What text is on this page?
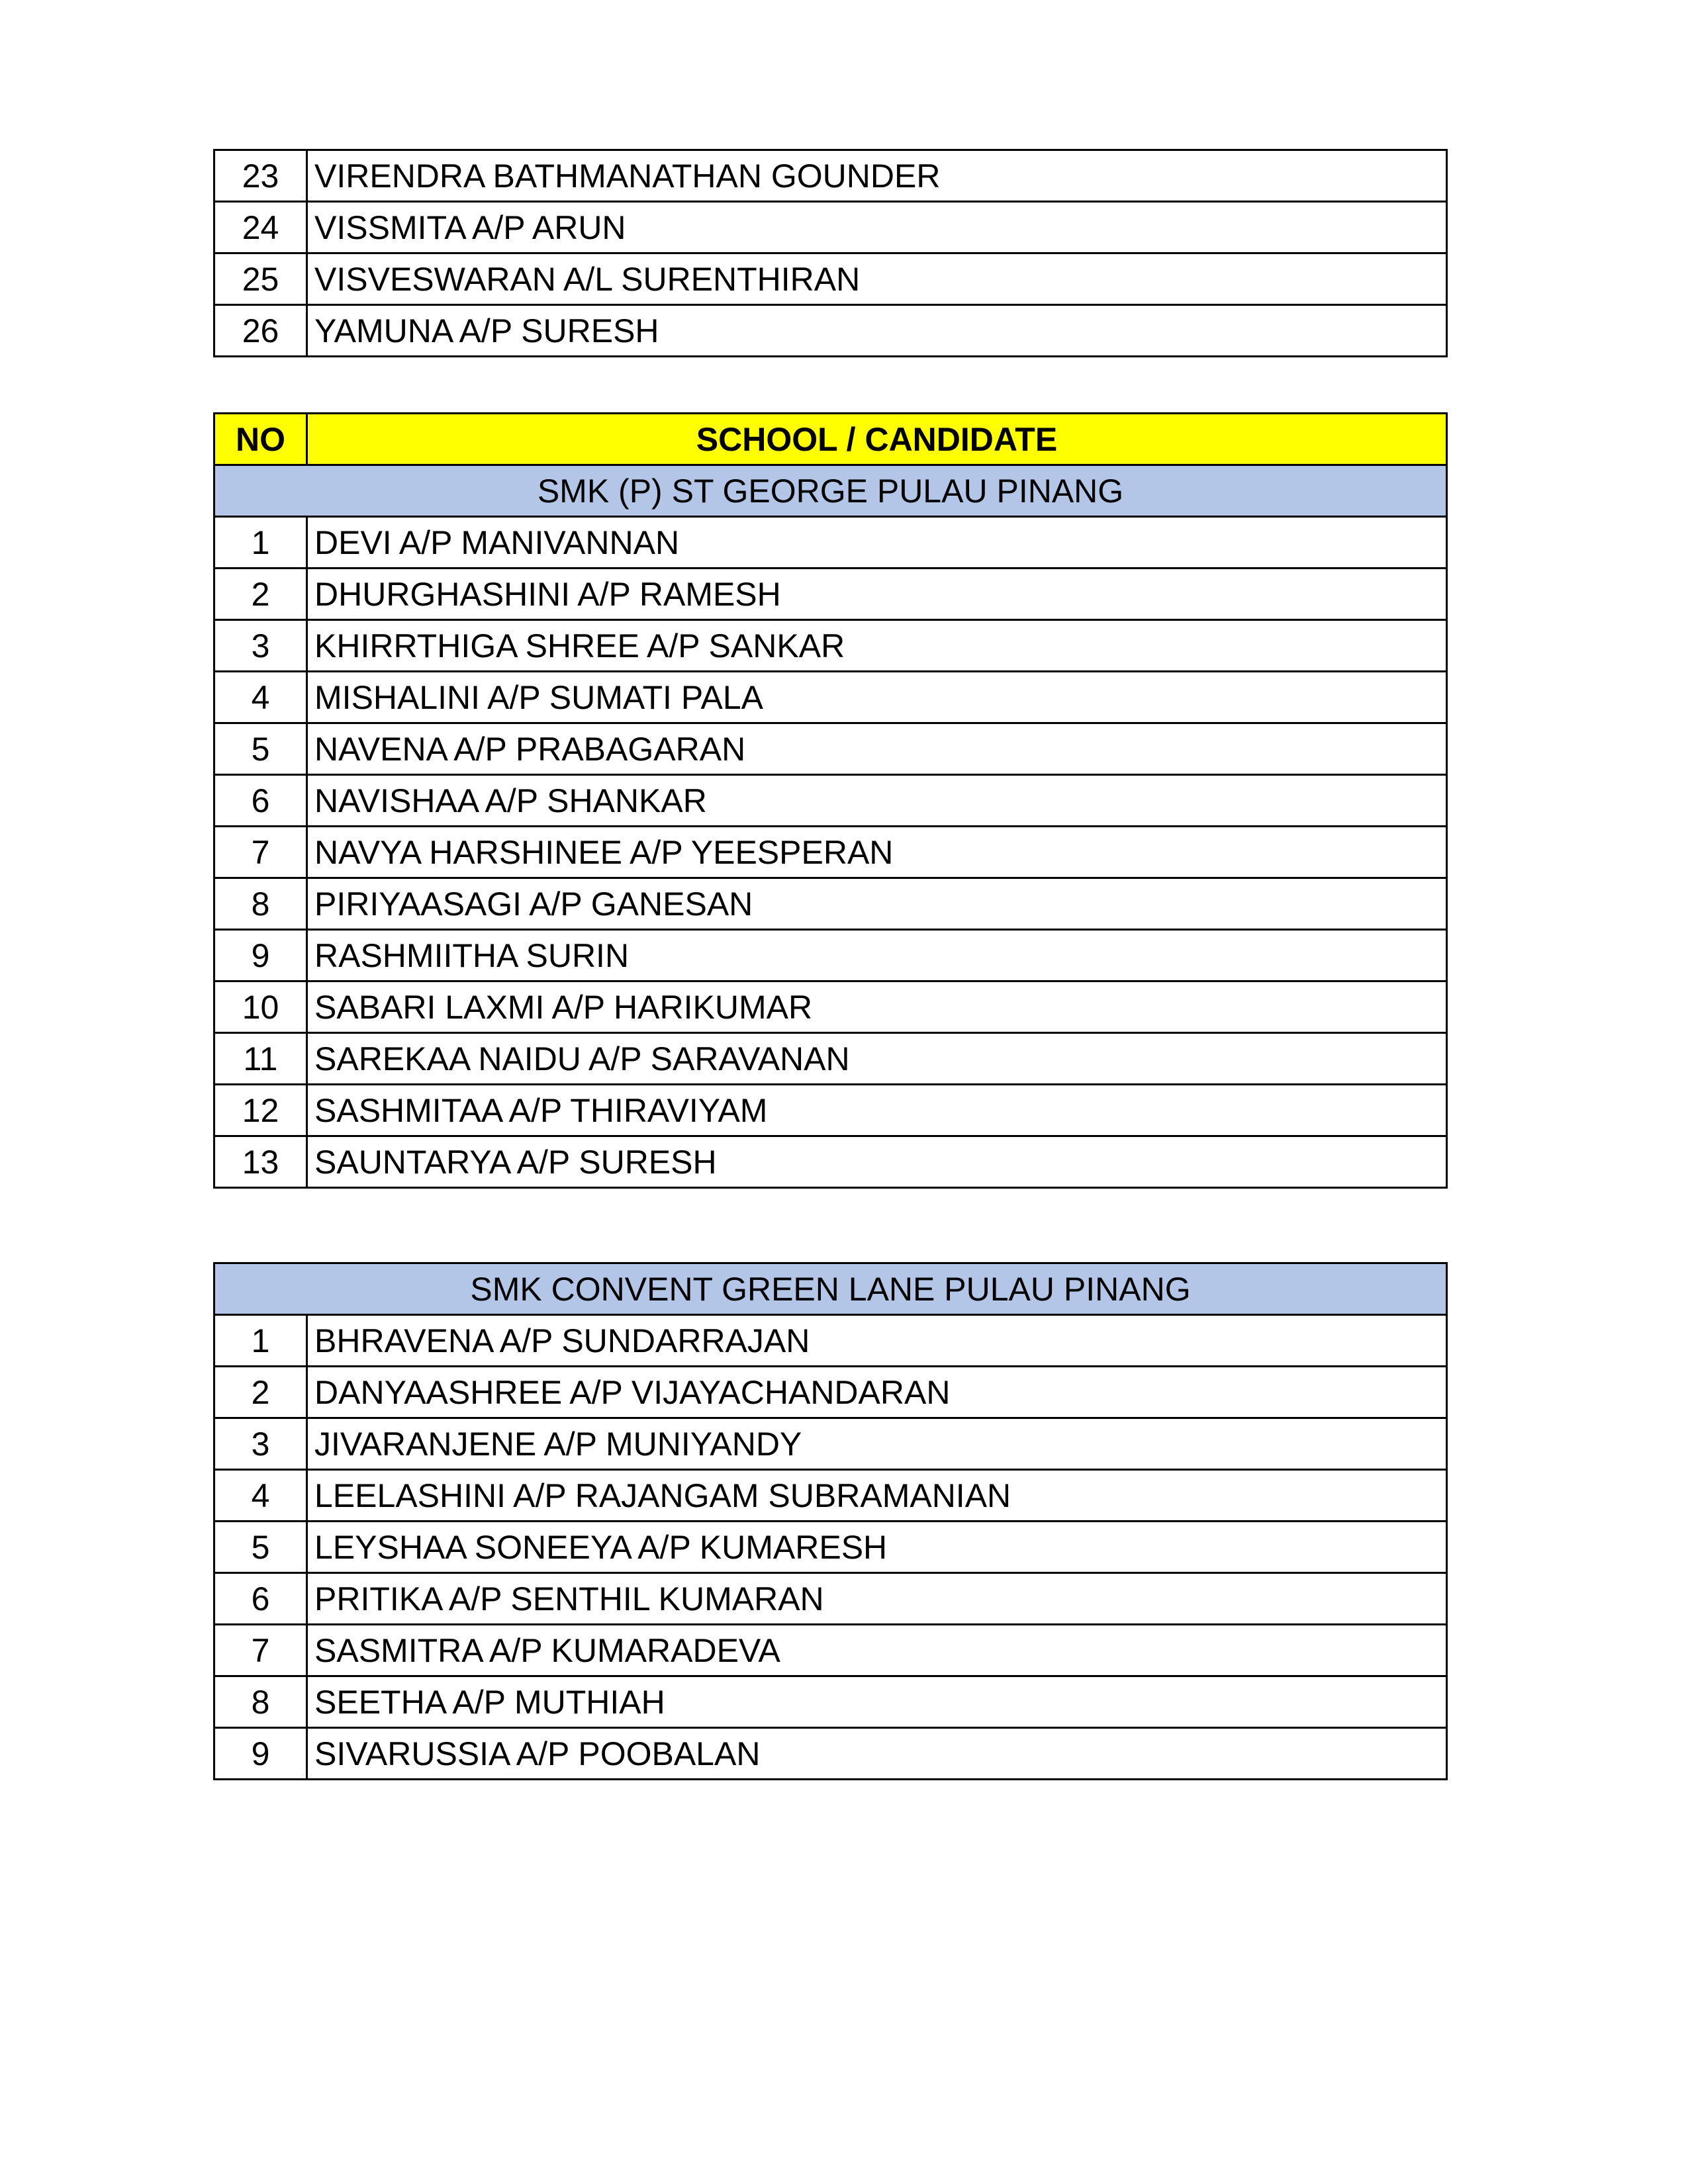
23	VIRENDRA BATHMANATHAN GOUNDER
24	VISSMITA A/P ARUN
25	VISVESWARAN A/L SURENTHIRAN
26	YAMUNA A/P SURESH
NO	SCHOOL / CANDIDATE
SMK (P) ST GEORGE PULAU PINANG	
1	DEVI A/P MANIVANNAN
2	DHURGHASHINI A/P RAMESH
3	KHIRRTHIGA SHREE A/P SANKAR
4	MISHALINI A/P SUMATI PALA
5	NAVENA A/P PRABAGARAN
6	NAVISHAA A/P SHANKAR
7	NAVYA HARSHINEE A/P YEESPERAN
8	PIRIYAASAGI A/P GANESAN
9	RASHMIITHA SURIN
10	SABARI LAXMI A/P HARIKUMAR
11	SAREKAA NAIDU A/P SARAVANAN
12	SASHMITAA A/P THIRAVIYAM
13	SAUNTARYA A/P SURESH
SMK CONVENT GREEN LANE PULAU PINANG	
1	BHRAVENA A/P SUNDARRAJAN
2	DANYAASHREE A/P VIJAYACHANDARAN
3	JIVARANJENE A/P MUNIYANDY
4	LEELASHINI A/P RAJANGAM SUBRAMANIAN
5	LEYSHAA SONEEYA A/P KUMARESH
6	PRITIKA A/P SENTHIL KUMARAN
7	SASMITRA A/P KUMARADEVA
8	SEETHA A/P MUTHIAH
9	SIVARUSSIA A/P POOBALAN
